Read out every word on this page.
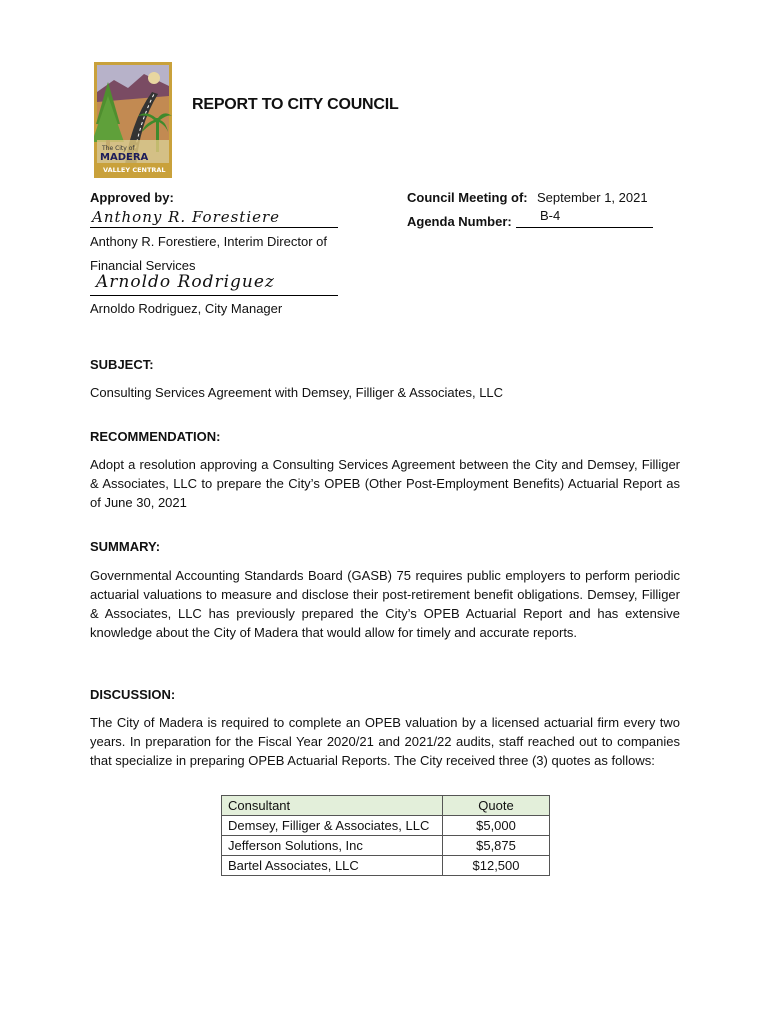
The City of
MADERA
VALLEY CENTRAL
REPORT TO CITY COUNCIL
Approved by:
Anthony R. Forestiere
Anthony R. Forestiere, Interim Director of
Financial Services
Arnoldo Rodriguez
Arnoldo Rodriguez, City Manager
Council Meeting of: September 1, 2021
Agenda Number: B-4
SUBJECT:
Consulting Services Agreement with Demsey, Filliger & Associates, LLC
RECOMMENDATION:
Adopt a resolution approving a Consulting Services Agreement between the City and Demsey, Filliger & Associates, LLC to prepare the City’s OPEB (Other Post-Employment Benefits) Actuarial Report as of June 30, 2021
SUMMARY:
Governmental Accounting Standards Board (GASB) 75 requires public employers to perform periodic actuarial valuations to measure and disclose their post-retirement benefit obligations. Demsey, Filliger & Associates, LLC has previously prepared the City’s OPEB Actuarial Report and has extensive knowledge about the City of Madera that would allow for timely and accurate reports.
DISCUSSION:
The City of Madera is required to complete an OPEB valuation by a licensed actuarial firm every two years. In preparation for the Fiscal Year 2020/21 and 2021/22 audits, staff reached out to companies that specialize in preparing OPEB Actuarial Reports. The City received three (3) quotes as follows:
Consultant	Quote
Demsey, Filliger & Associates, LLC	$5,000
Jefferson Solutions, Inc	$5,875
Bartel Associates, LLC	$12,500
